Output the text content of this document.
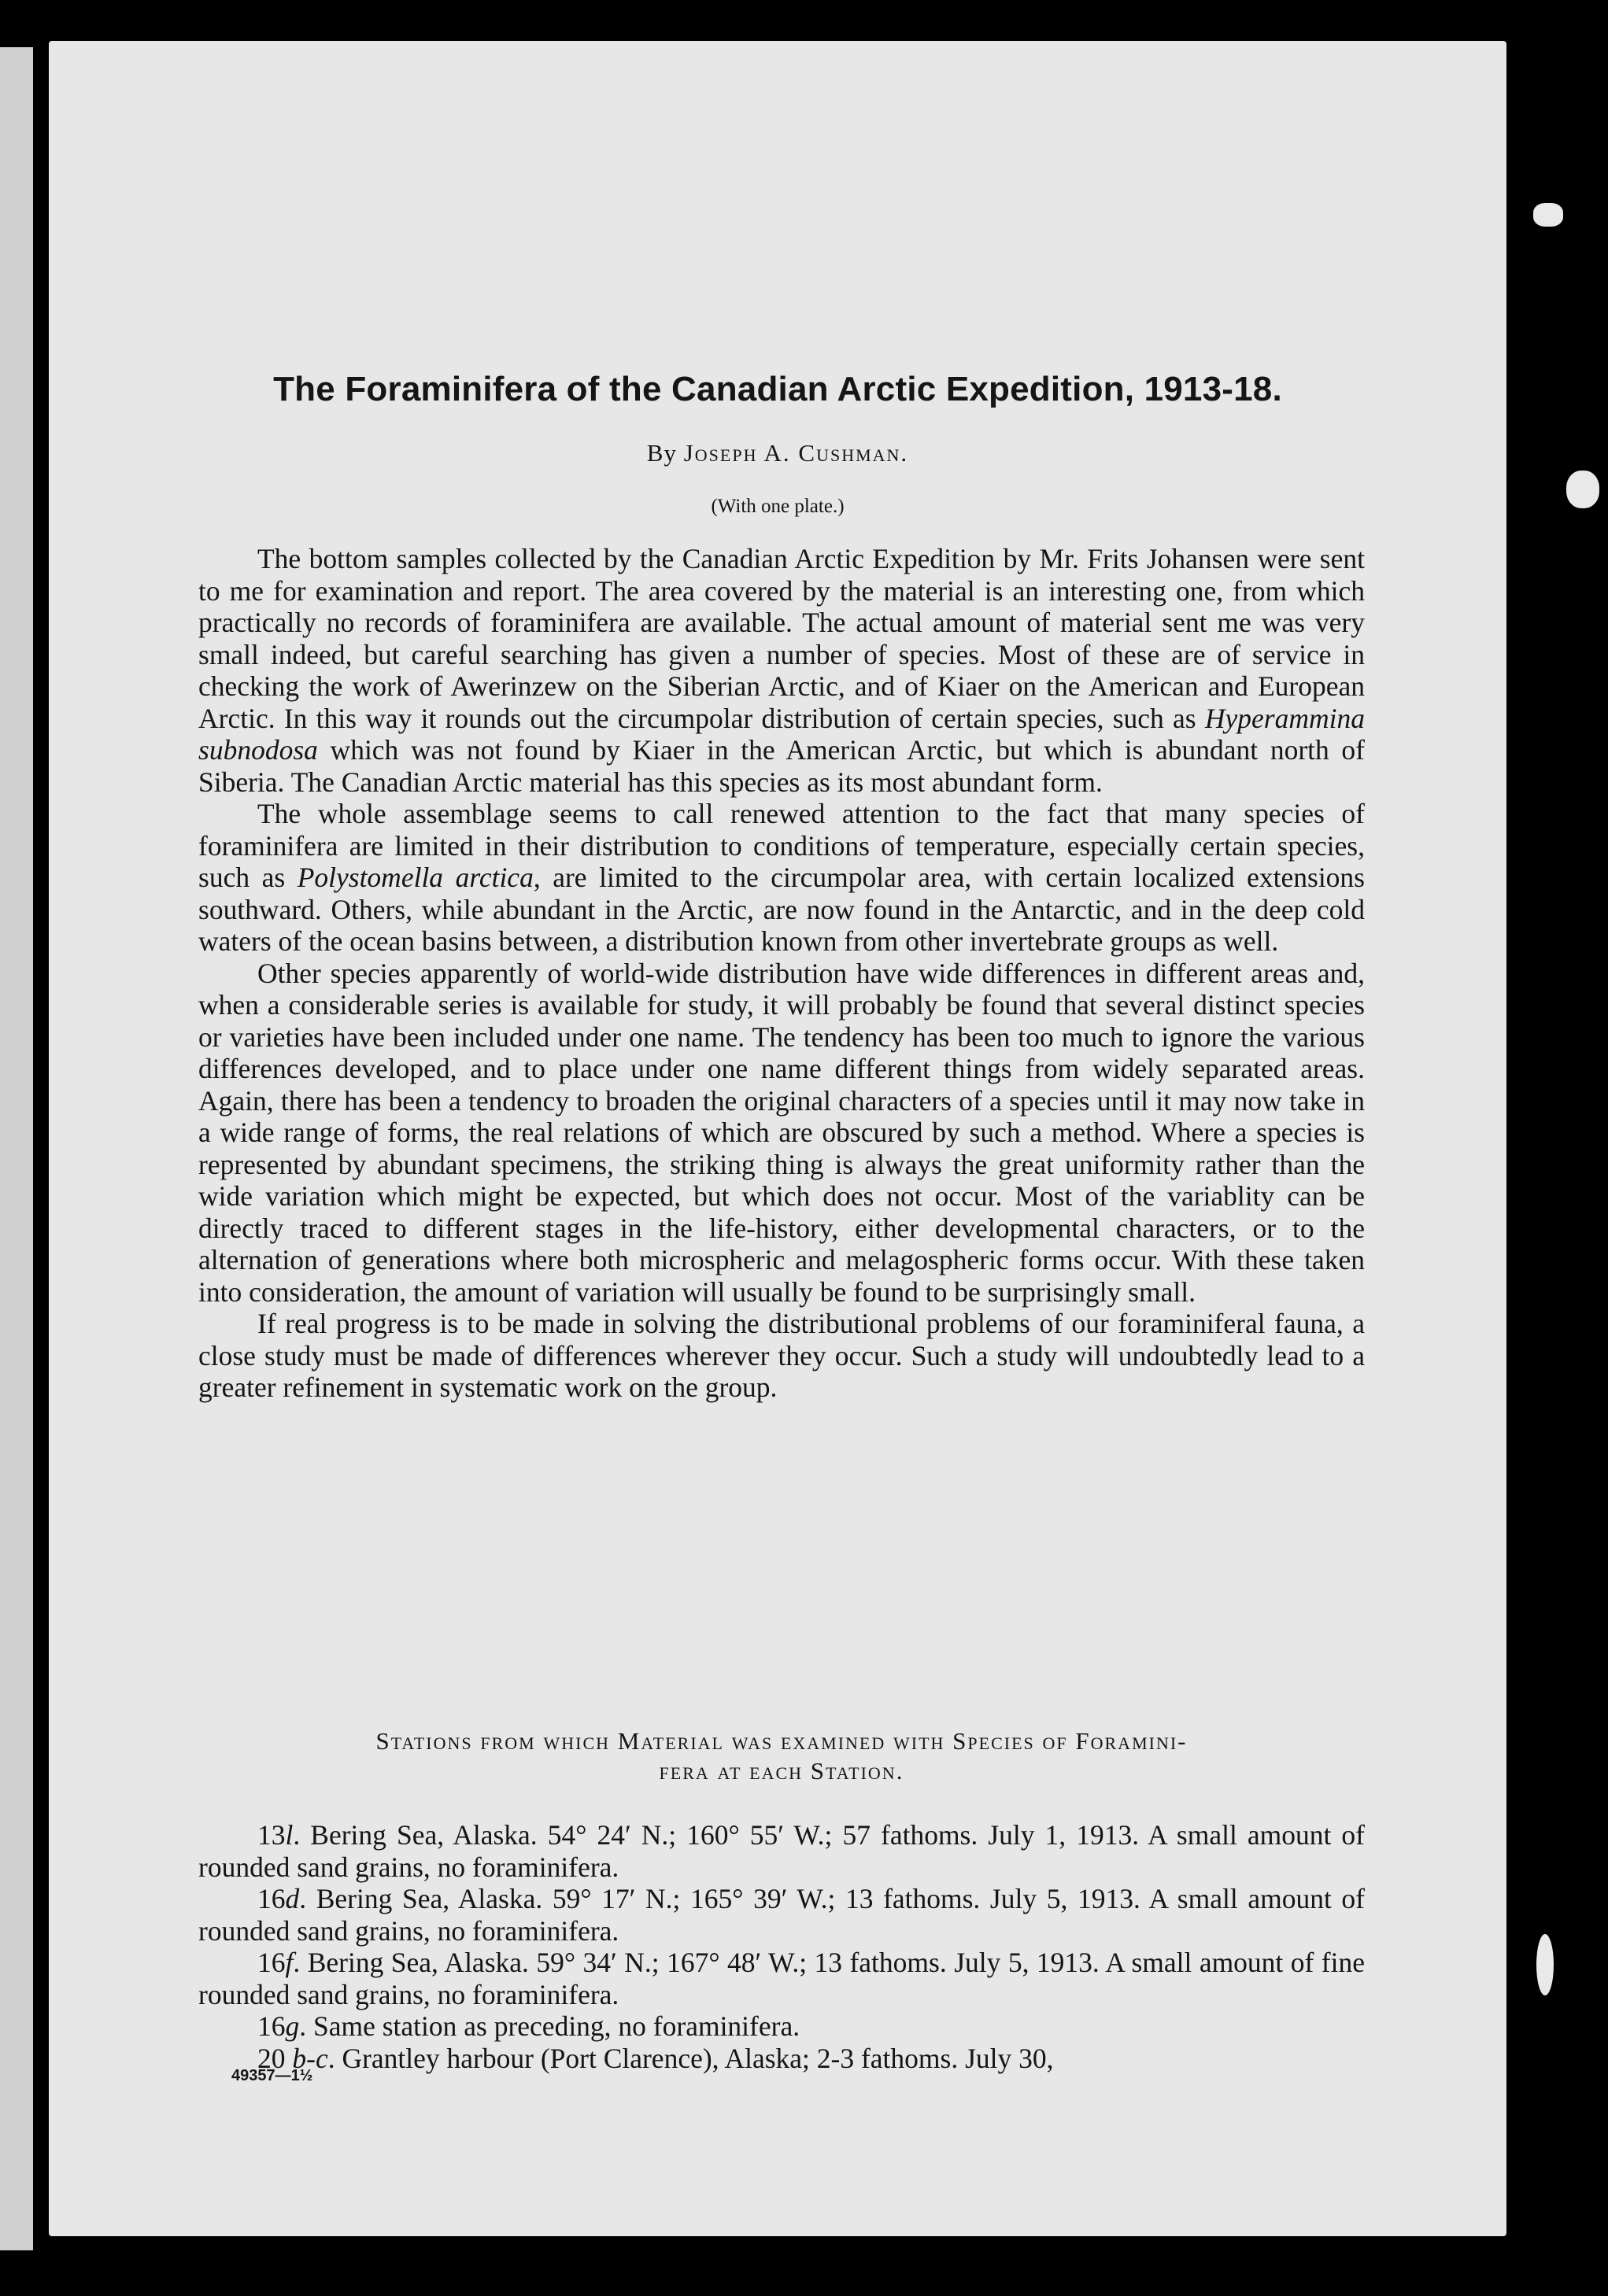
The Foraminifera of the Canadian Arctic Expedition, 1913-18.
By Joseph A. Cushman.
(With one plate.)

The bottom samples collected by the Canadian Arctic Expedition by Mr. Frits Johansen were sent to me for examination and report. The area covered by the material is an interesting one, from which practically no records of foraminifera are available. The actual amount of material sent me was very small indeed, but careful searching has given a number of species. Most of these are of service in checking the work of Awerinzew on the Siberian Arctic, and of Kiaer on the American and European Arctic. In this way it rounds out the circumpolar distribution of certain species, such as Hyperammina subnodosa which was not found by Kiaer in the American Arctic, but which is abundant north of Siberia. The Canadian Arctic material has this species as its most abundant form.

The whole assemblage seems to call renewed attention to the fact that many species of foraminifera are limited in their distribution to conditions of temperature, especially certain species, such as Polystomella arctica, are limited to the circumpolar area, with certain localized extensions southward. Others, while abundant in the Arctic, are now found in the Antarctic, and in the deep cold waters of the ocean basins between, a distribution known from other invertebrate groups as well.

Other species apparently of world-wide distribution have wide differences in different areas and, when a considerable series is available for study, it will probably be found that several distinct species or varieties have been included under one name. The tendency has been too much to ignore the various differences developed, and to place under one name different things from widely separated areas. Again, there has been a tendency to broaden the original characters of a species until it may now take in a wide range of forms, the real relations of which are obscured by such a method. Where a species is represented by abundant specimens, the striking thing is always the great uniformity rather than the wide variation which might be expected, but which does not occur. Most of the variablity can be directly traced to different stages in the life-history, either developmental characters, or to the alternation of generations where both microspheric and melagospheric forms occur. With these taken into consideration, the amount of variation will usually be found to be surprisingly small.

If real progress is to be made in solving the distributional problems of our foraminiferal fauna, a close study must be made of differences wherever they occur. Such a study will undoubtedly lead to a greater refinement in systematic work on the group.

Stations from which Material was examined with Species of Foramini-
fera at each Station.

13l. Bering Sea, Alaska. 54° 24′ N.; 160° 55′ W.; 57 fathoms. July 1, 1913. A small amount of rounded sand grains, no foraminifera.

16d. Bering Sea, Alaska. 59° 17′ N.; 165° 39′ W.; 13 fathoms. July 5, 1913. A small amount of rounded sand grains, no foraminifera.

16f. Bering Sea, Alaska. 59° 34′ N.; 167° 48′ W.; 13 fathoms. July 5, 1913. A small amount of fine rounded sand grains, no foraminifera.

16g. Same station as preceding, no foraminifera.

20 b-c. Grantley harbour (Port Clarence), Alaska; 2-3 fathoms. July 30,

49357—1½
